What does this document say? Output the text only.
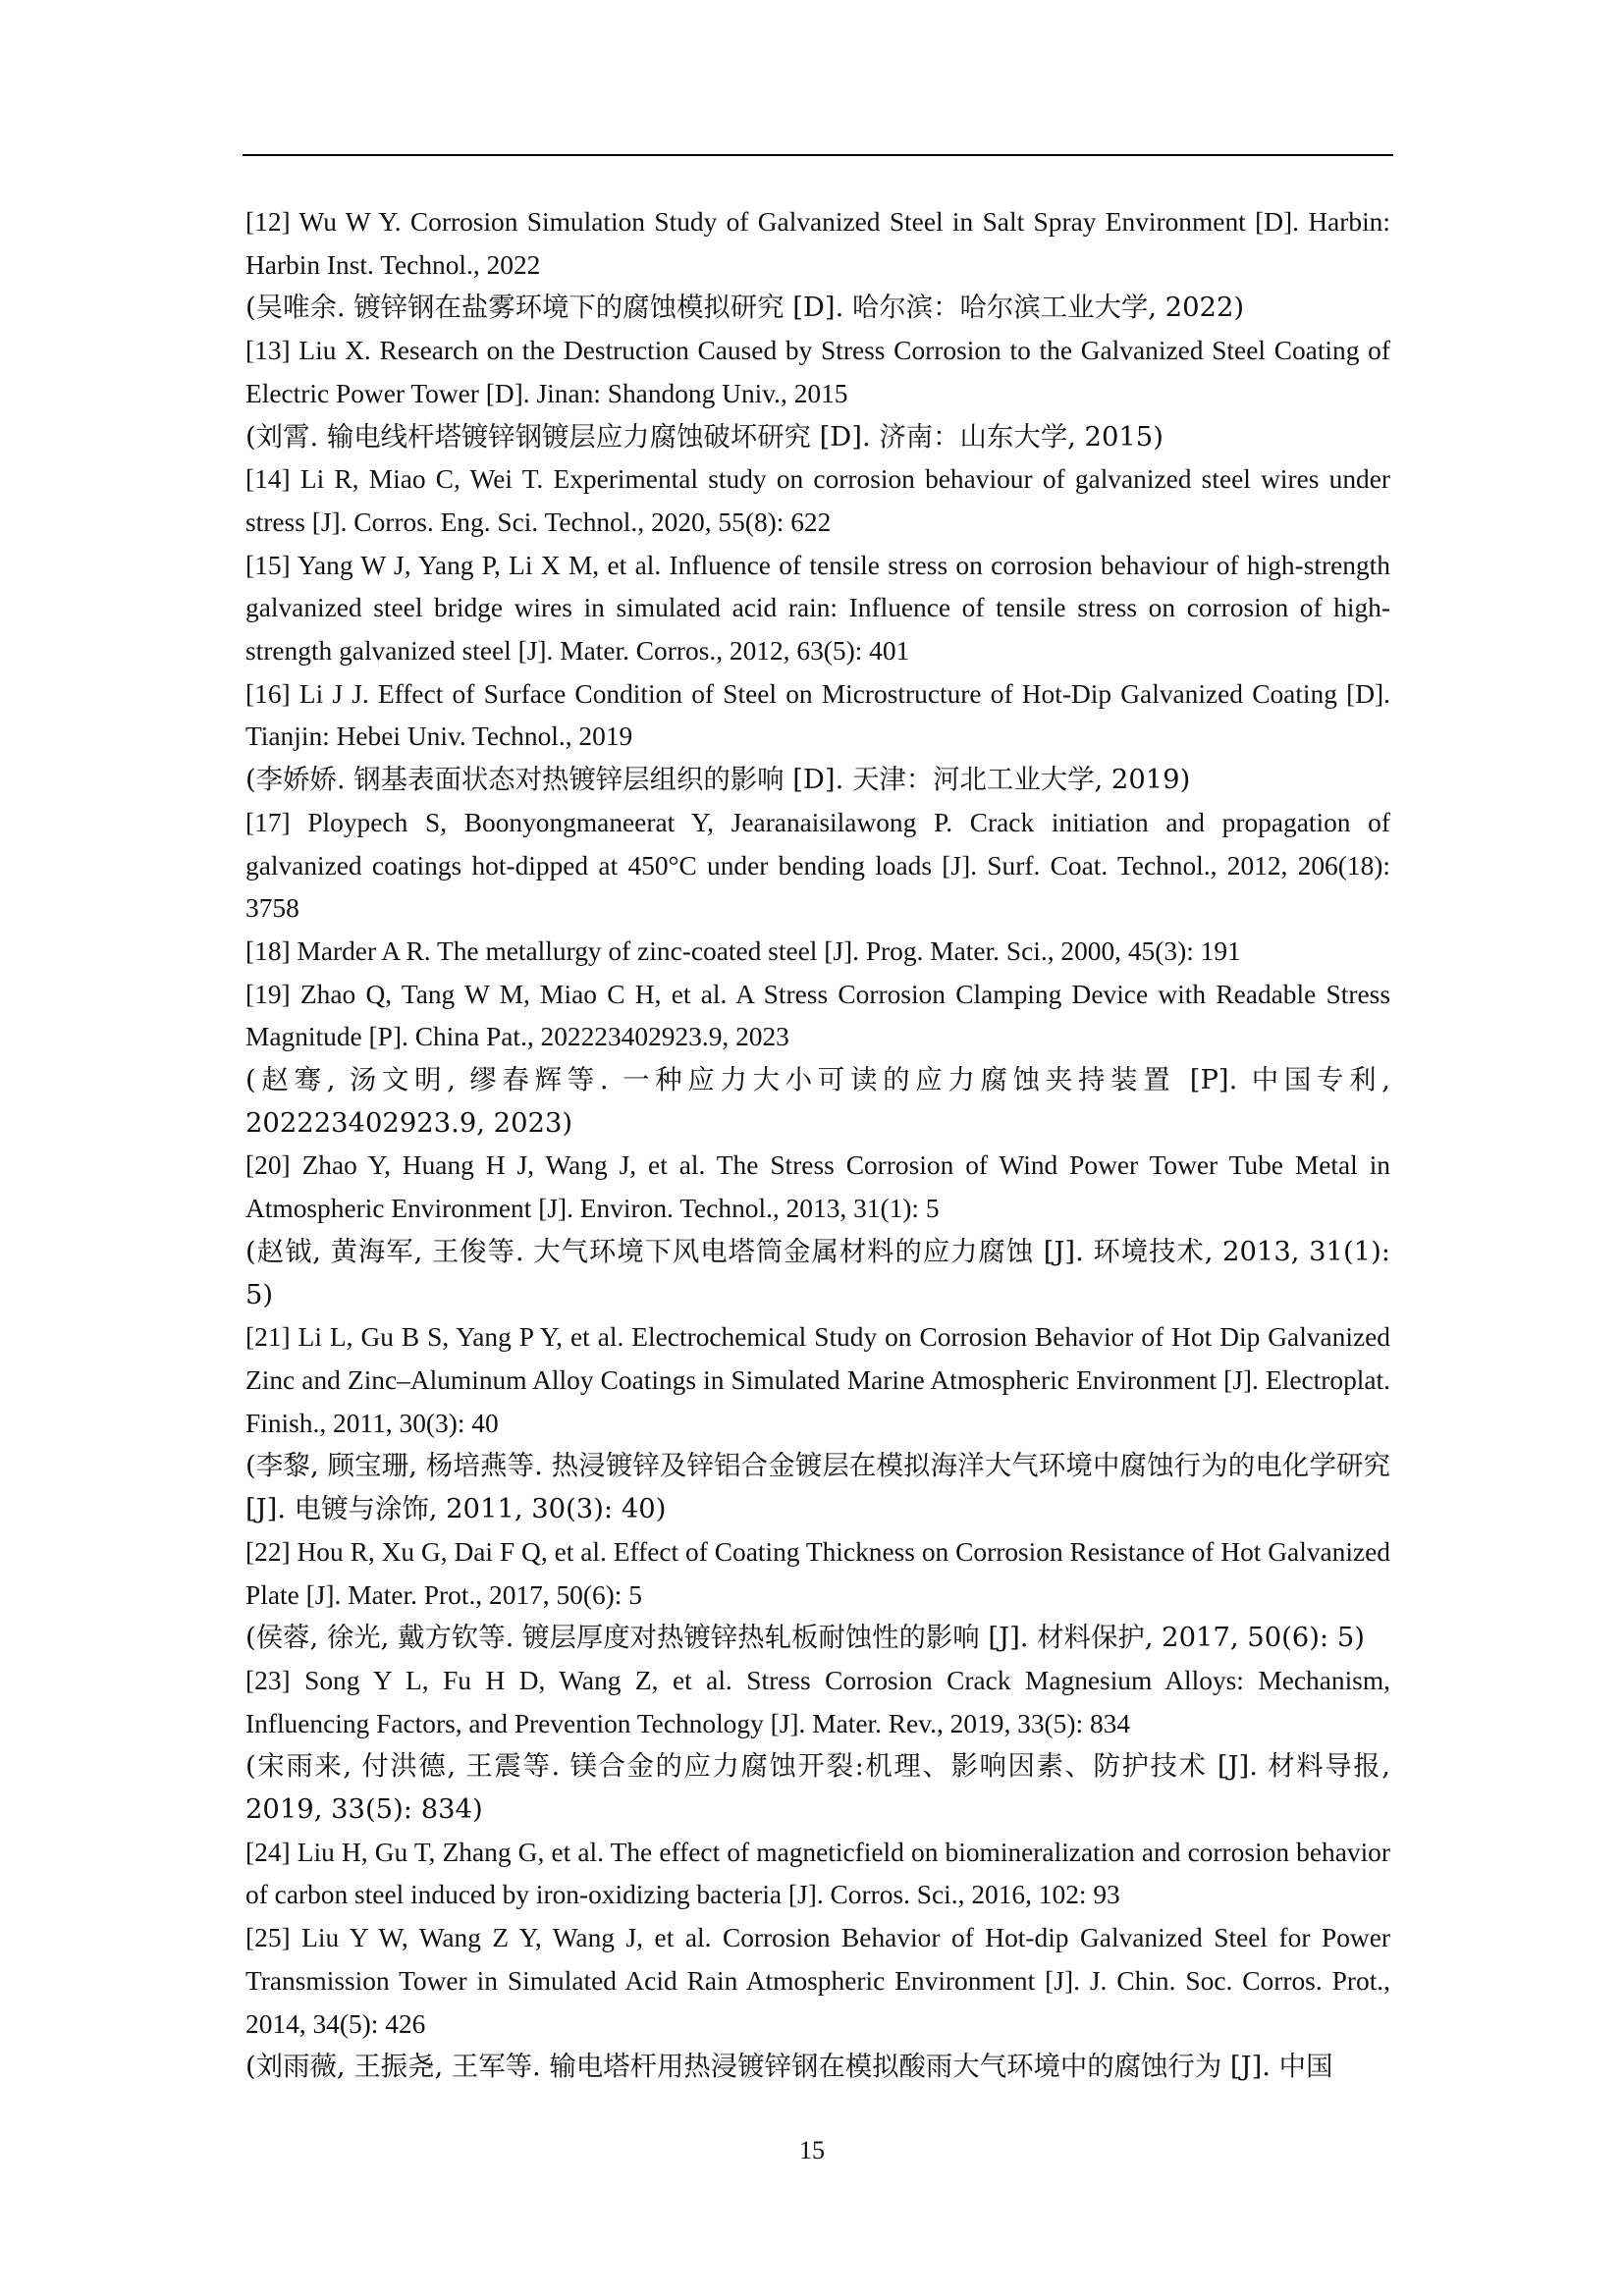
[12] Wu W Y. Corrosion Simulation Study of Galvanized Steel in Salt Spray Environment [D]. Harbin: Harbin Inst. Technol., 2022

(吴唯余. 镀锌钢在盐雾环境下的腐蚀模拟研究 [D]. 哈尔滨：哈尔滨工业大学, 2022)

[13] Liu X. Research on the Destruction Caused by Stress Corrosion to the Galvanized Steel Coating of Electric Power Tower [D]. Jinan: Shandong Univ., 2015

(刘霄. 输电线杆塔镀锌钢镀层应力腐蚀破坏研究 [D]. 济南：山东大学, 2015)

[14] Li R, Miao C, Wei T. Experimental study on corrosion behaviour of galvanized steel wires under stress [J]. Corros. Eng. Sci. Technol., 2020, 55(8): 622

[15] Yang W J, Yang P, Li X M, et al. Influence of tensile stress on corrosion behaviour of high-strength galvanized steel bridge wires in simulated acid rain: Influence of tensile stress on corrosion of high-strength galvanized steel [J]. Mater. Corros., 2012, 63(5): 401

[16] Li J J. Effect of Surface Condition of Steel on Microstructure of Hot-Dip Galvanized Coating [D]. Tianjin: Hebei Univ. Technol., 2019

(李娇娇. 钢基表面状态对热镀锌层组织的影响 [D]. 天津：河北工业大学, 2019)

[17] Ploypech S, Boonyongmaneerat Y, Jearanaisilawong P. Crack initiation and propagation of galvanized coatings hot-dipped at 450°C under bending loads [J]. Surf. Coat. Technol., 2012, 206(18): 3758

[18] Marder A R. The metallurgy of zinc-coated steel [J]. Prog. Mater. Sci., 2000, 45(3): 191

[19] Zhao Q, Tang W M, Miao C H, et al. A Stress Corrosion Clamping Device with Readable Stress Magnitude [P]. China Pat., 202223402923.9, 2023

(赵骞, 汤文明, 缪春辉等. 一种应力大小可读的应力腐蚀夹持装置 [P]. 中国专利, 202223402923.9, 2023)

[20] Zhao Y, Huang H J, Wang J, et al. The Stress Corrosion of Wind Power Tower Tube Metal in Atmospheric Environment [J]. Environ. Technol., 2013, 31(1): 5

(赵钺, 黄海军, 王俊等. 大气环境下风电塔筒金属材料的应力腐蚀 [J]. 环境技术, 2013, 31(1): 5)

[21] Li L, Gu B S, Yang P Y, et al. Electrochemical Study on Corrosion Behavior of Hot Dip Galvanized Zinc and Zinc–Aluminum Alloy Coatings in Simulated Marine Atmospheric Environment [J]. Electroplat. Finish., 2011, 30(3): 40

(李黎, 顾宝珊, 杨培燕等. 热浸镀锌及锌铝合金镀层在模拟海洋大气环境中腐蚀行为的电化学研究 [J]. 电镀与涂饰, 2011, 30(3): 40)

[22] Hou R, Xu G, Dai F Q, et al. Effect of Coating Thickness on Corrosion Resistance of Hot Galvanized Plate [J]. Mater. Prot., 2017, 50(6): 5

(侯蓉, 徐光, 戴方钦等. 镀层厚度对热镀锌热轧板耐蚀性的影响 [J]. 材料保护, 2017, 50(6): 5)

[23] Song Y L, Fu H D, Wang Z, et al. Stress Corrosion Crack Magnesium Alloys: Mechanism, Influencing Factors, and Prevention Technology [J]. Mater. Rev., 2019, 33(5): 834

(宋雨来, 付洪德, 王震等. 镁合金的应力腐蚀开裂:机理、影响因素、防护技术 [J]. 材料导报, 2019, 33(5): 834)

[24] Liu H, Gu T, Zhang G, et al. The effect of magneticfield on biomineralization and corrosion behavior of carbon steel induced by iron-oxidizing bacteria [J]. Corros. Sci., 2016, 102: 93

[25] Liu Y W, Wang Z Y, Wang J, et al. Corrosion Behavior of Hot-dip Galvanized Steel for Power Transmission Tower in Simulated Acid Rain Atmospheric Environment [J]. J. Chin. Soc. Corros. Prot., 2014, 34(5): 426

(刘雨薇, 王振尧, 王军等. 输电塔杆用热浸镀锌钢在模拟酸雨大气环境中的腐蚀行为 [J]. 中国

15
